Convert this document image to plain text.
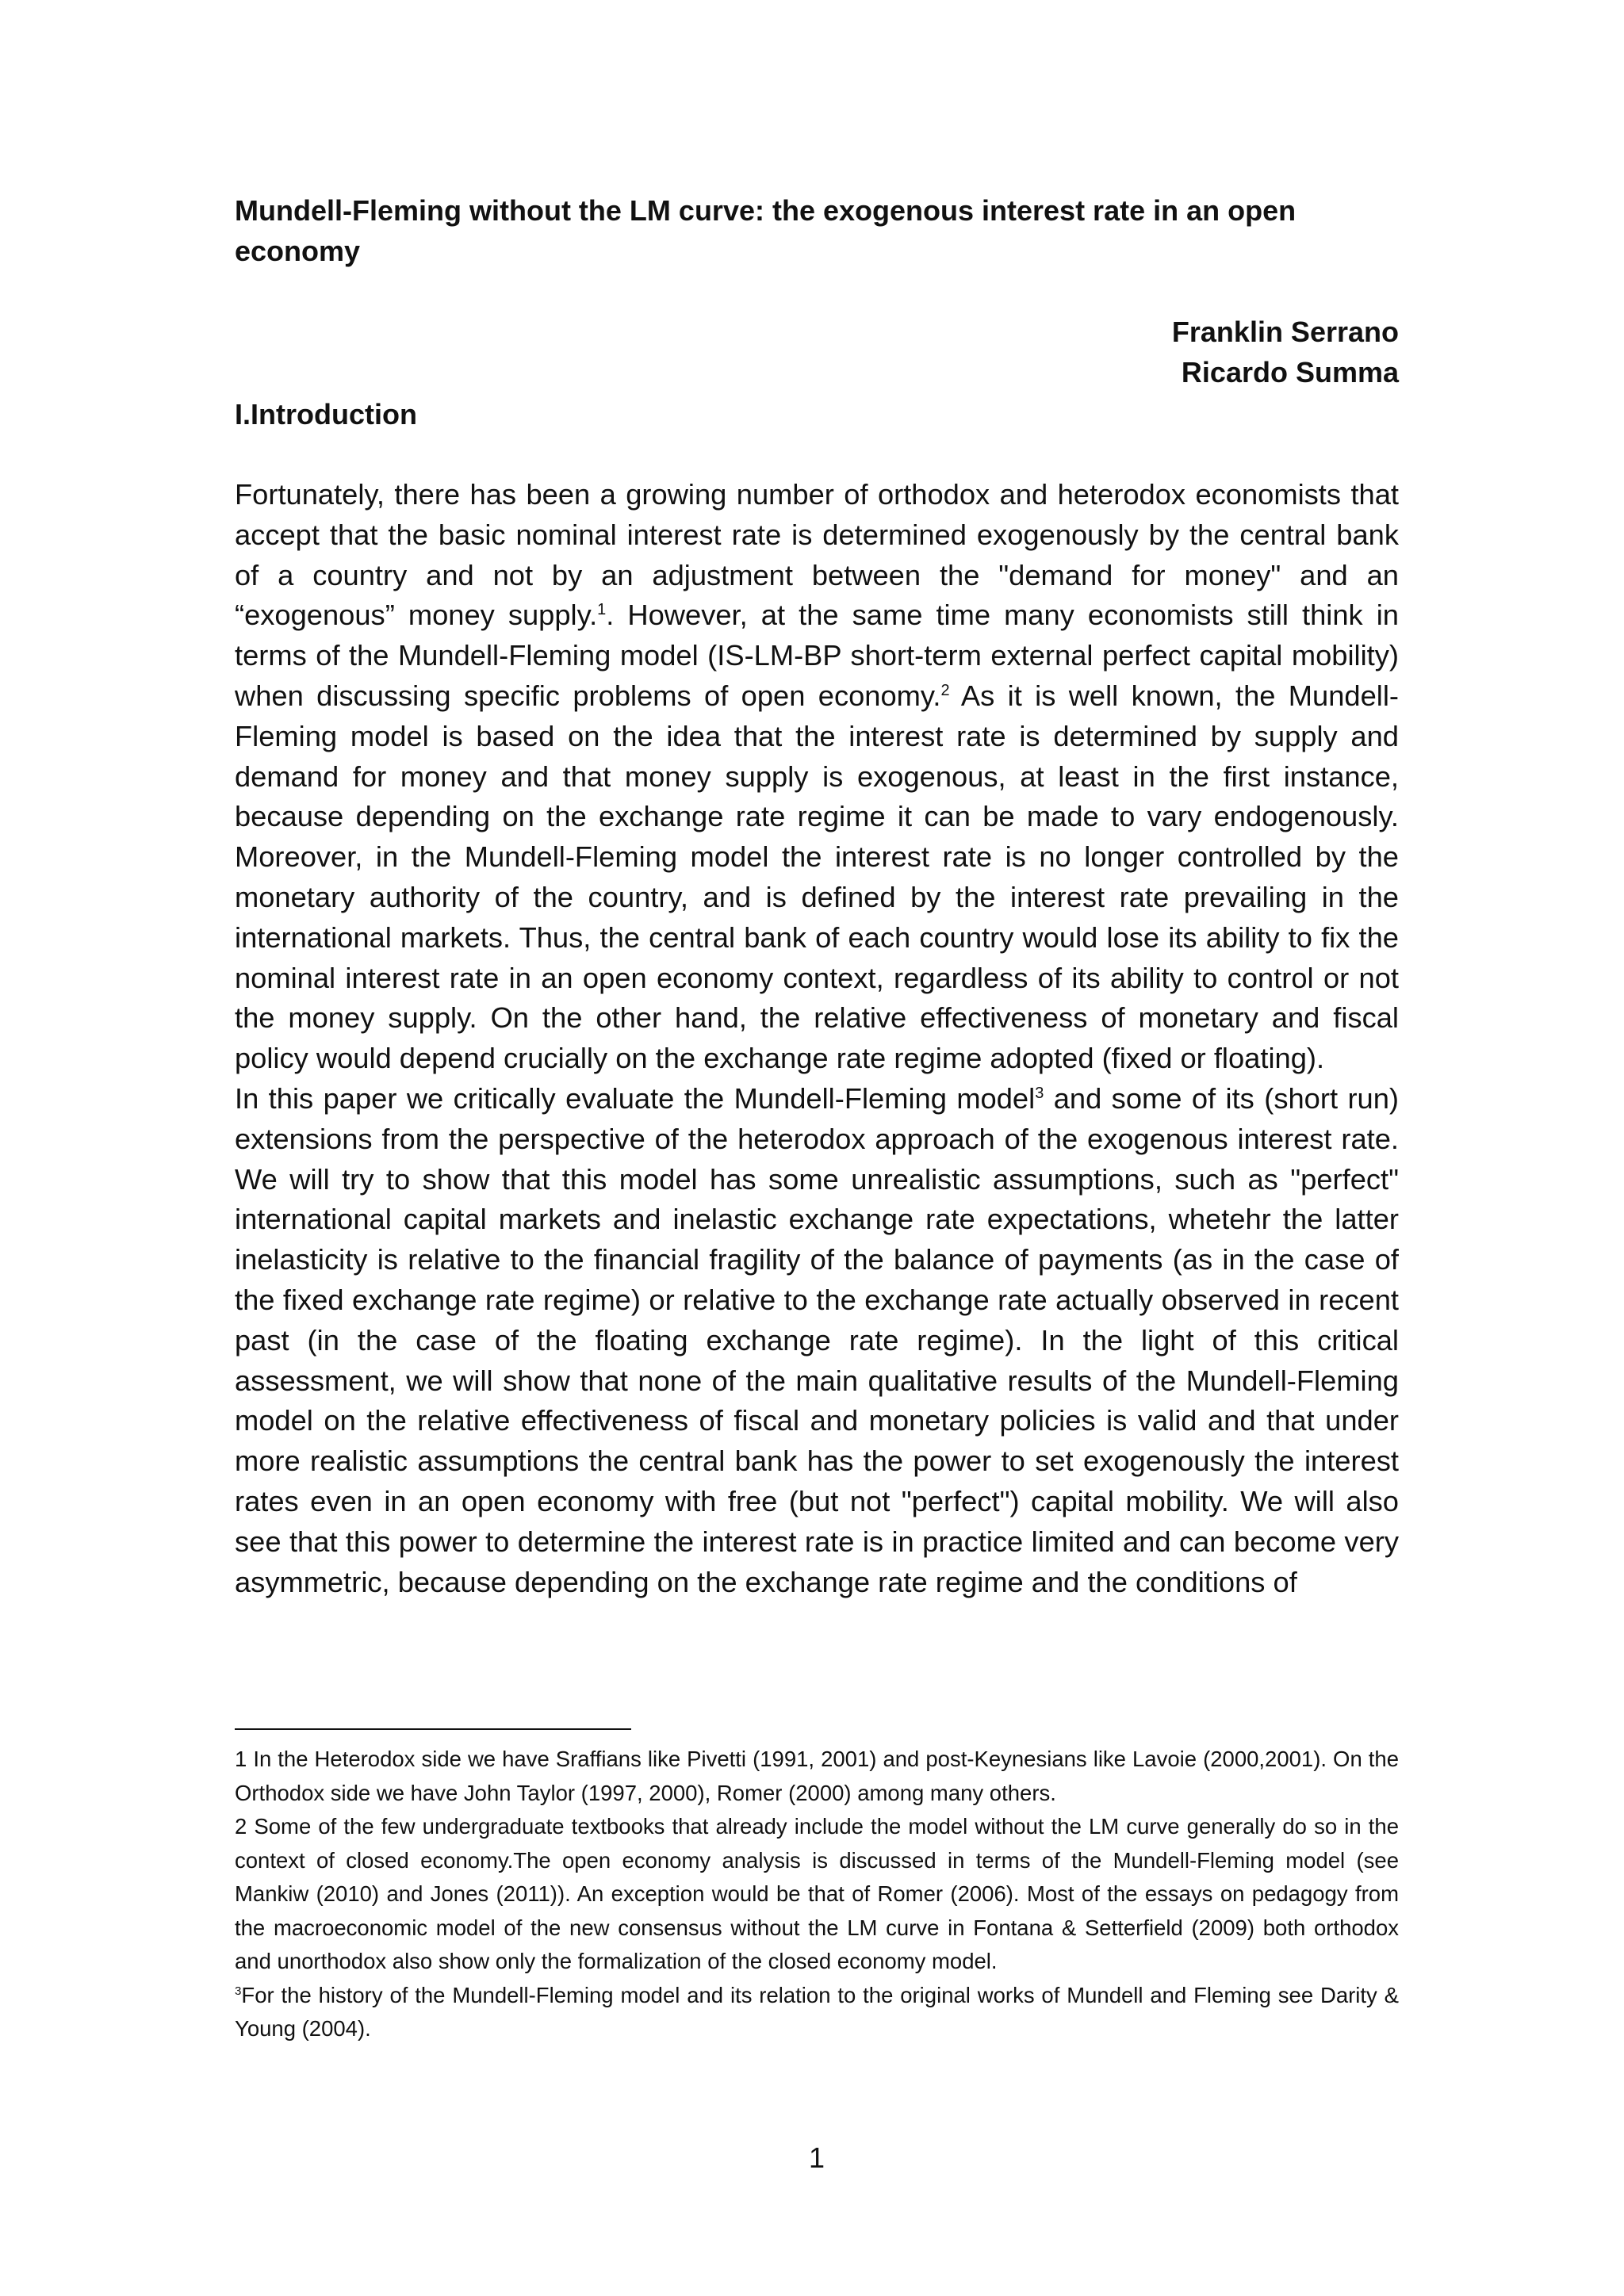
Mundell-Fleming without the LM curve: the exogenous interest rate in an open economy
Franklin Serrano
Ricardo Summa
I.Introduction

Fortunately, there has been a growing number of orthodox and heterodox economists that accept that the basic nominal interest rate is determined exogenously by the central bank of a country and not by an adjustment between the "demand for money" and an “exogenous” money supply.$^1$. However, at the same time many economists still think in terms of the Mundell-Fleming model (IS-LM-BP short-term external perfect capital mobility) when discussing specific problems of open economy.$^2$ As it is well known, the Mundell-Fleming model is based on the idea that the interest rate is determined by supply and demand for money and that money supply is exogenous, at least in the first instance, because depending on the exchange rate regime it can be made to vary endogenously. Moreover, in the Mundell-Fleming model the interest rate is no longer controlled by the monetary authority of the country, and is defined by the interest rate prevailing in the international markets. Thus, the central bank of each country would lose its ability to fix the nominal interest rate in an open economy context, regardless of its ability to control or not the money supply. On the other hand, the relative effectiveness of monetary and fiscal policy would depend crucially on the exchange rate regime adopted (fixed or floating).

In this paper we critically evaluate the Mundell-Fleming model$^3$ and some of its (short run) extensions from the perspective of the heterodox approach of the exogenous interest rate. We will try to show that this model has some unrealistic assumptions, such as "perfect" international capital markets and inelastic exchange rate expectations, whetehr the latter inelasticity is relative to the financial fragility of the balance of payments (as in the case of the fixed exchange rate regime) or relative to the exchange rate actually observed in recent past (in the case of the floating exchange rate regime). In the light of this critical assessment, we will show that none of the main qualitative results of the Mundell-Fleming model on the relative effectiveness of fiscal and monetary policies is valid and that under more realistic assumptions the central bank has the power to set exogenously the interest rates even in an open economy with free (but not "perfect") capital mobility. We will also see that this power to determine the interest rate is in practice limited and can become very asymmetric, because depending on the exchange rate regime and the conditions of

1 In the Heterodox side we have Sraffians like Pivetti (1991, 2001) and post-Keynesians like Lavoie (2000,2001). On the Orthodox side we have John Taylor (1997, 2000), Romer (2000) among many others.

2 Some of the few undergraduate textbooks that already include the model without the LM curve generally do so in the context of closed economy.The open economy analysis is discussed in terms of the Mundell-Fleming model (see Mankiw (2010) and Jones (2011)). An exception would be that of Romer (2006). Most of the essays on pedagogy from the macroeconomic model of the new consensus without the LM curve in Fontana & Setterfield (2009) both orthodox and unorthodox also show only the formalization of the closed economy model.

$^3$For the history of the Mundell-Fleming model and its relation to the original works of Mundell and Fleming see Darity & Young (2004).

1
